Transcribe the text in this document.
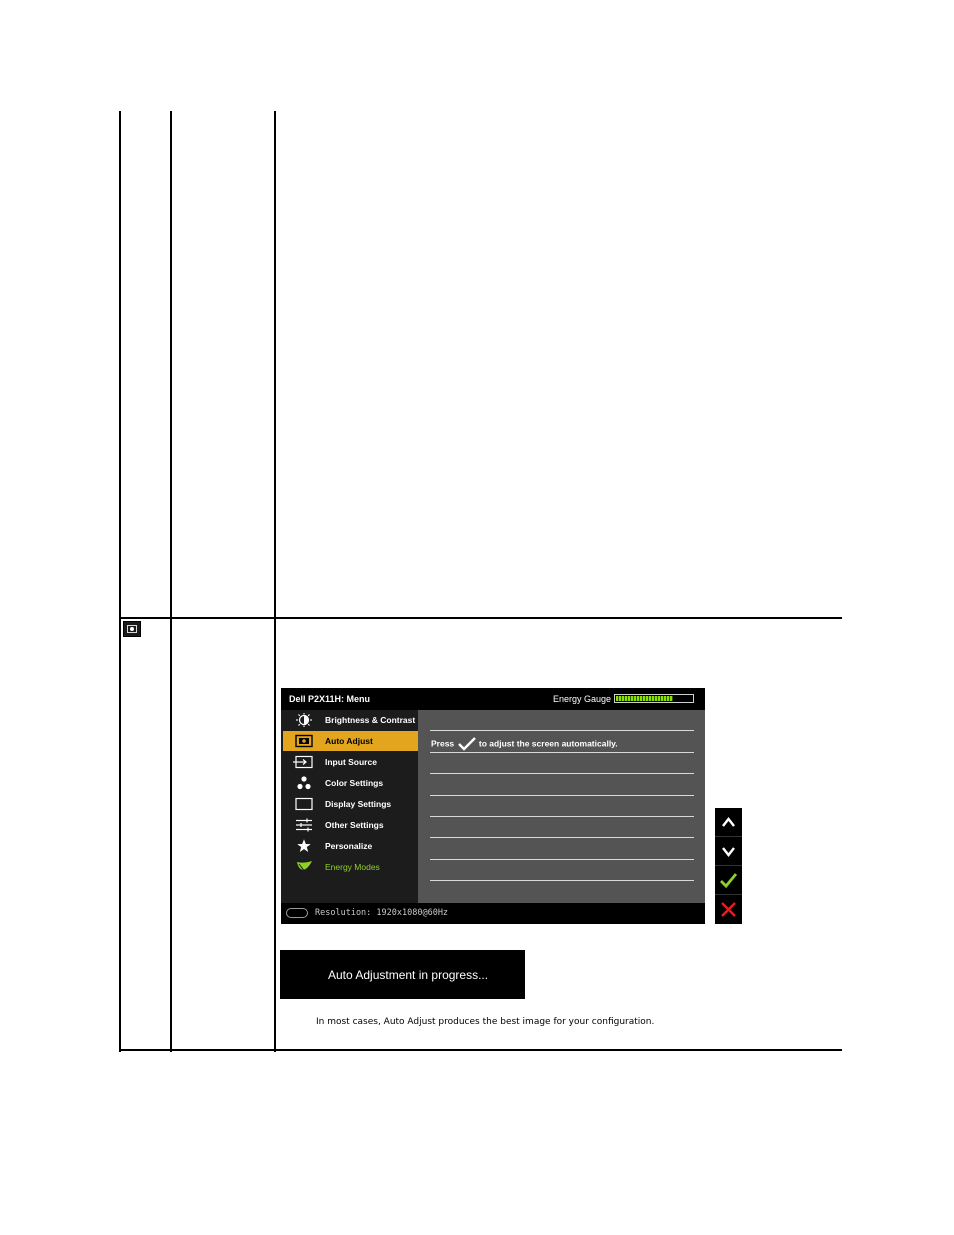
Dell P2X11H: Menu	Energy Gauge
Brightness & Contrast
Auto Adjust
Input Source
Color Settings
Display Settings
Other Settings
Personalize
Energy Modes
Press	to adjust the screen automatically.
Resolution: 1920x1080@60Hz
Auto Adjustment in progress...
In most cases, Auto Adjust produces the best image for your configuration.
